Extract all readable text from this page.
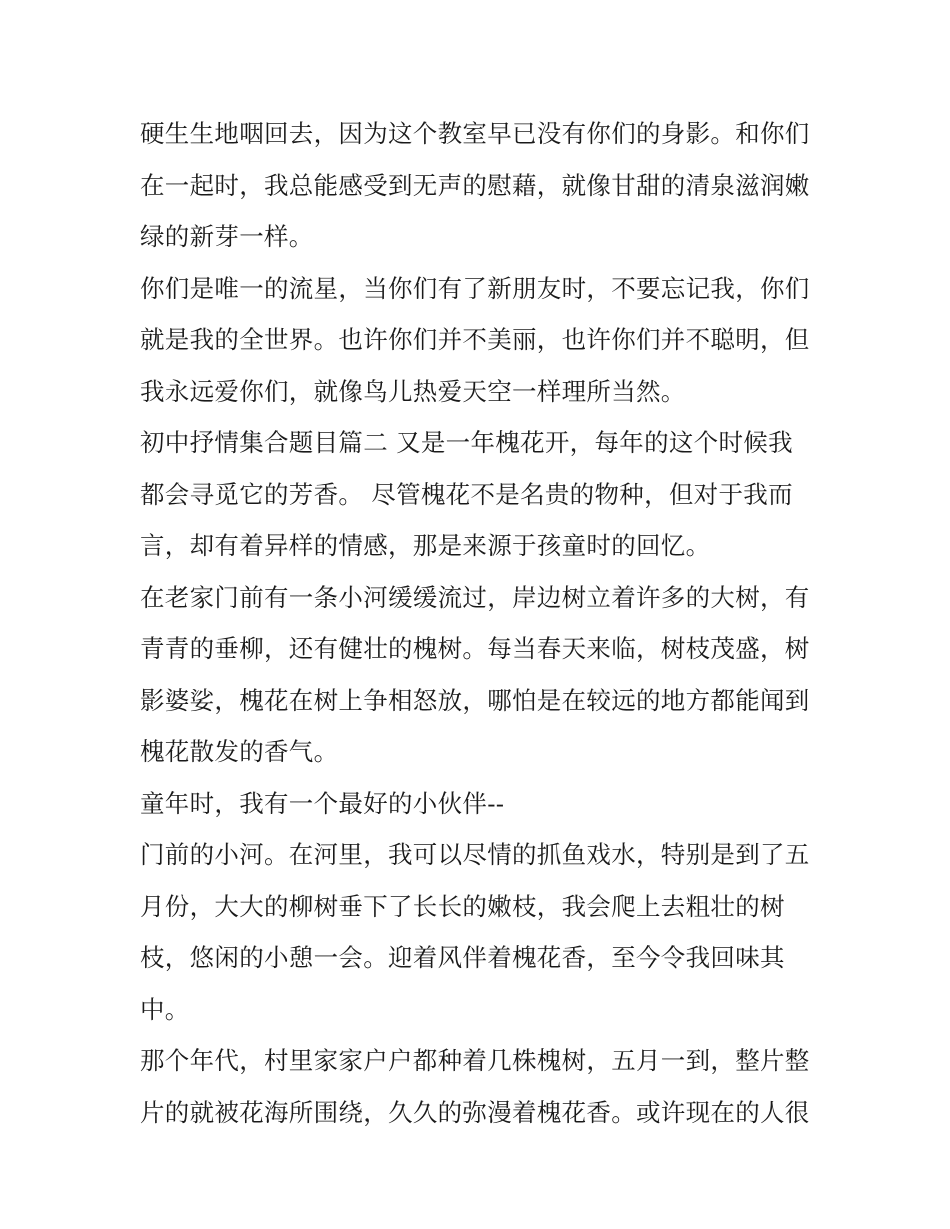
硬生生地咽回去，因为这个教室早已没有你们的身影。和你们
在一起时，我总能感受到无声的慰藉，就像甘甜的清泉滋润嫩
绿的新芽一样。
你们是唯一的流星，当你们有了新朋友时，不要忘记我，你们
就是我的全世界。也许你们并不美丽，也许你们并不聪明，但
我永远爱你们，就像鸟儿热爱天空一样理所当然。
初中抒情集合题目篇二 又是一年槐花开，每年的这个时候我
都会寻觅它的芳香。 尽管槐花不是名贵的物种，但对于我而
言，却有着异样的情感，那是来源于孩童时的回忆。
在老家门前有一条小河缓缓流过，岸边树立着许多的大树，有
青青的垂柳，还有健壮的槐树。每当春天来临，树枝茂盛，树
影婆娑，槐花在树上争相怒放，哪怕是在较远的地方都能闻到
槐花散发的香气。
童年时，我有一个最好的小伙伴--
门前的小河。在河里，我可以尽情的抓鱼戏水，特别是到了五
月份，大大的柳树垂下了长长的嫩枝，我会爬上去粗壮的树
枝，悠闲的小憩一会。迎着风伴着槐花香，至今令我回味其
中。
那个年代，村里家家户户都种着几株槐树，五月一到，整片整
片的就被花海所围绕，久久的弥漫着槐花香。或许现在的人很
